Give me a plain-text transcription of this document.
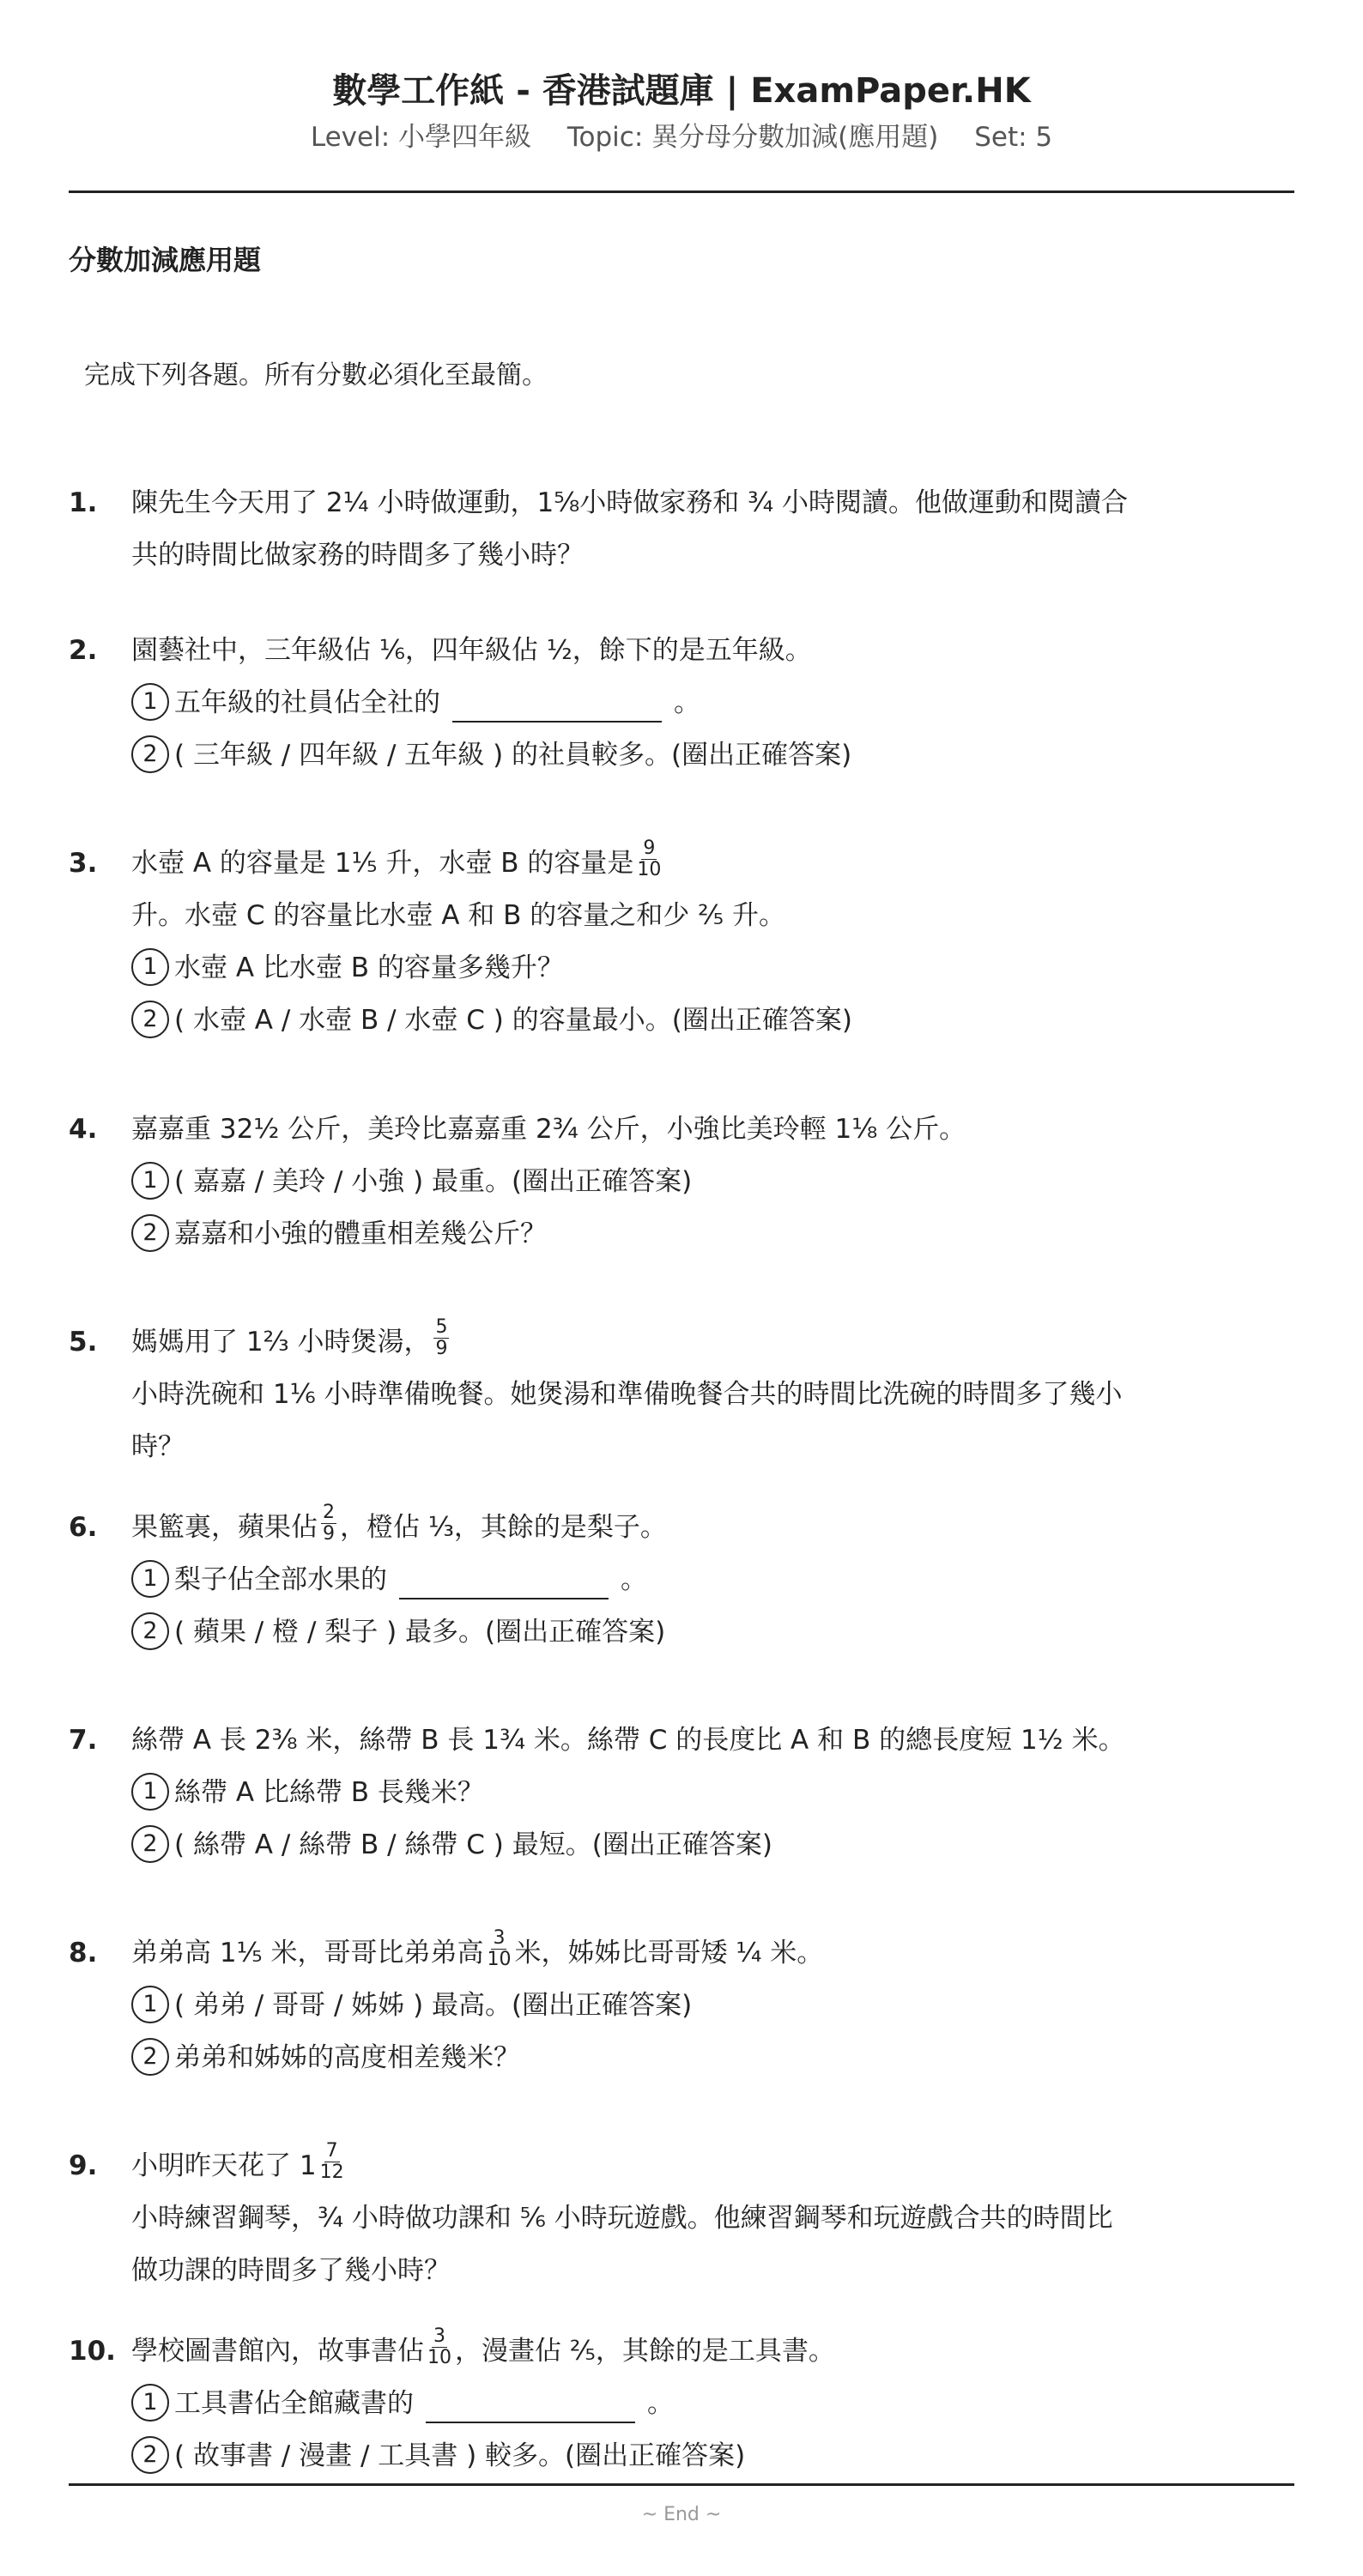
數學工作紙 - 香港試題庫 | ExamPaper.HK
Level: 小學四年級 Topic: 異分母分數加減(應用題) Set: 5
分數加減應用題
完成下列各題。所有分數必須化至最簡。
1. 陳先生今天用了 2¼ 小時做運動，1⅝小時做家務和 ¾ 小時閱讀。他做運動和閱讀合
共的時間比做家務的時間多了幾小時？
2. 園藝社中，三年級佔 ⅙，四年級佔 ½，餘下的是五年級。
1 五年級的社員佔全社的	。
2 ( 三年級 / 四年級 / 五年級 ) 的社員較多。(圈出正確答案)
3. 水壺 A 的容量是 1⅕ 升，水壺 B 的容量是 $\frac{9}{10}$
升。水壺 C 的容量比水壺 A 和 B 的容量之和少 ⅖ 升。
1 水壺 A 比水壺 B 的容量多幾升？
2 ( 水壺 A / 水壺 B / 水壺 C ) 的容量最小。(圈出正確答案)
4. 嘉嘉重 32½ 公斤，美玲比嘉嘉重 2¾ 公斤，小強比美玲輕 1⅛ 公斤。
1 ( 嘉嘉 / 美玲 / 小強 ) 最重。(圈出正確答案)
2 嘉嘉和小強的體重相差幾公斤？
5. 媽媽用了 1⅔ 小時煲湯， $\frac{5}{9}$
小時洗碗和 1⅙ 小時準備晚餐。她煲湯和準備晚餐合共的時間比洗碗的時間多了幾小
時？
6. 果籃裏，蘋果佔 $\frac{2}{9}$ ，橙佔 ⅓，其餘的是梨子。
1 梨子佔全部水果的	。
2 ( 蘋果 / 橙 / 梨子 ) 最多。(圈出正確答案)
7. 絲帶 A 長 2⅜ 米，絲帶 B 長 1¾ 米。絲帶 C 的長度比 A 和 B 的總長度短 1½ 米。
1 絲帶 A 比絲帶 B 長幾米？
2 ( 絲帶 A / 絲帶 B / 絲帶 C ) 最短。(圈出正確答案)
8. 弟弟高 1⅕ 米，哥哥比弟弟高 $\frac{3}{10}$ 米，姊姊比哥哥矮 ¼ 米。
1 ( 弟弟 / 哥哥 / 姊姊 ) 最高。(圈出正確答案)
2 弟弟和姊姊的高度相差幾米？
9. 小明昨天花了 $1 \frac{7}{12}$
小時練習鋼琴，¾ 小時做功課和 ⅚ 小時玩遊戲。他練習鋼琴和玩遊戲合共的時間比
做功課的時間多了幾小時？
10. 學校圖書館內，故事書佔 $\frac{3}{10}$ ，漫畫佔 ⅖，其餘的是工具書。
1 工具書佔全館藏書的	。
2 ( 故事書 / 漫畫 / 工具書 ) 較多。(圈出正確答案)
~ End ~
